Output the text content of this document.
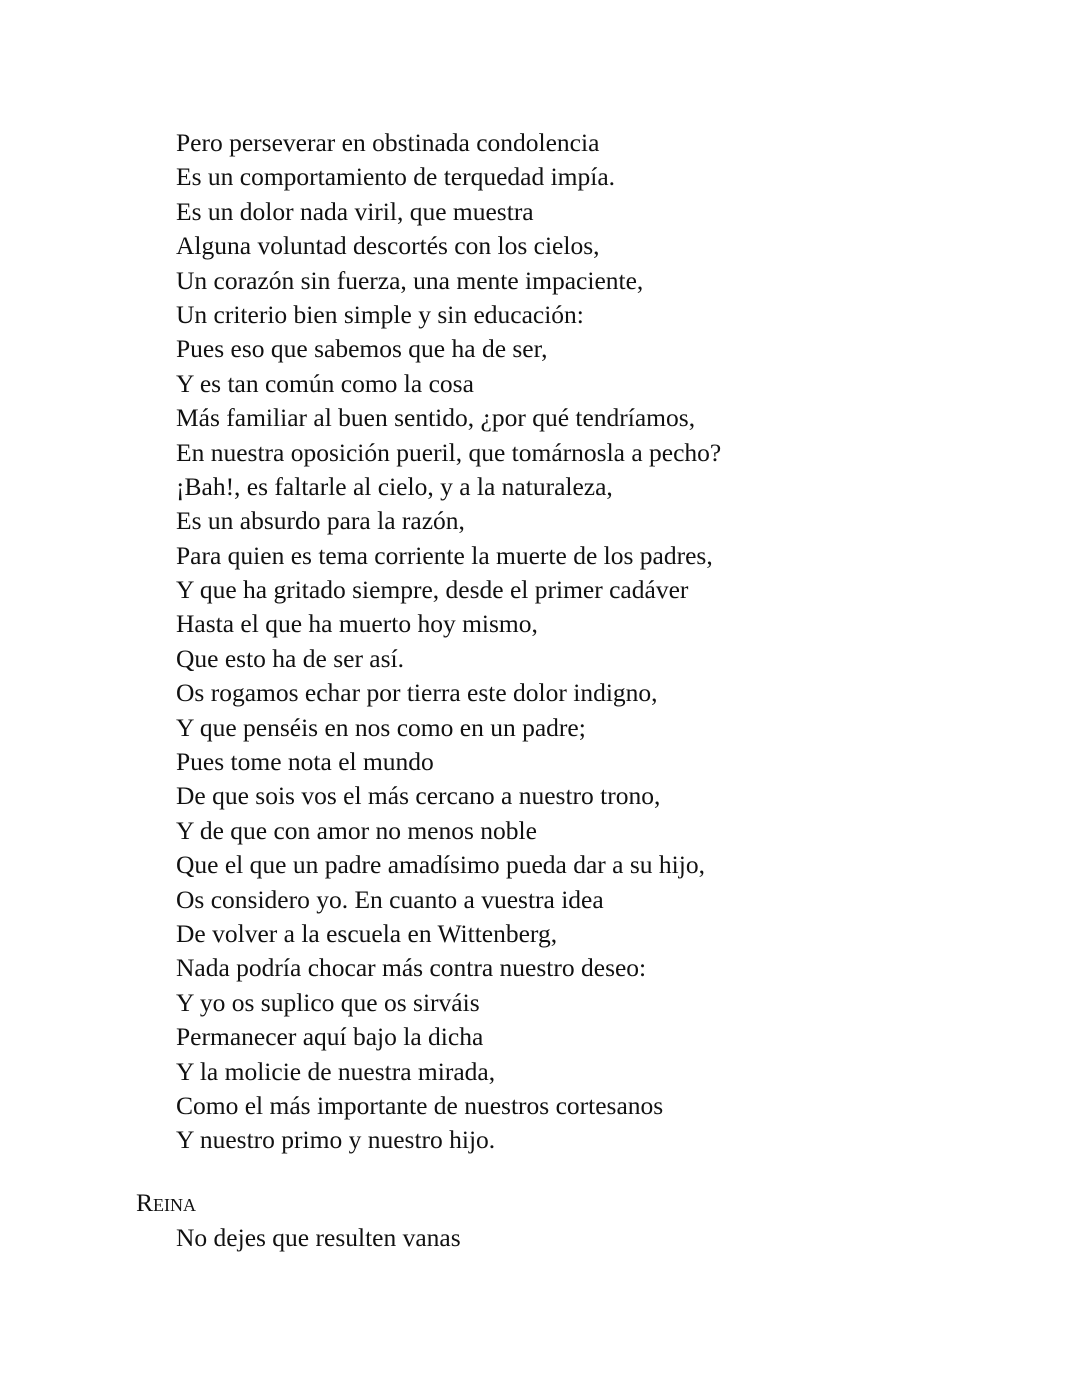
Pero perseverar en obstinada condolencia
Es un comportamiento de terquedad impía.
Es un dolor nada viril, que muestra
Alguna voluntad descortés con los cielos,
Un corazón sin fuerza, una mente impaciente,
Un criterio bien simple y sin educación:
Pues eso que sabemos que ha de ser,
Y es tan común como la cosa
Más familiar al buen sentido, ¿por qué tendríamos,
En nuestra oposición pueril, que tomárnosla a pecho?
¡Bah!, es faltarle al cielo, y a la naturaleza,
Es un absurdo para la razón,
Para quien es tema corriente la muerte de los padres,
Y que ha gritado siempre, desde el primer cadáver
Hasta el que ha muerto hoy mismo,
Que esto ha de ser así.
Os rogamos echar por tierra este dolor indigno,
Y que penséis en nos como en un padre;
Pues tome nota el mundo
De que sois vos el más cercano a nuestro trono,
Y de que con amor no menos noble
Que el que un padre amadísimo pueda dar a su hijo,
Os considero yo. En cuanto a vuestra idea
De volver a la escuela en Wittenberg,
Nada podría chocar más contra nuestro deseo:
Y yo os suplico que os sirváis
Permanecer aquí bajo la dicha
Y la molicie de nuestra mirada,
Como el más importante de nuestros cortesanos
Y nuestro primo y nuestro hijo.
Reina
No dejes que resulten vanas
